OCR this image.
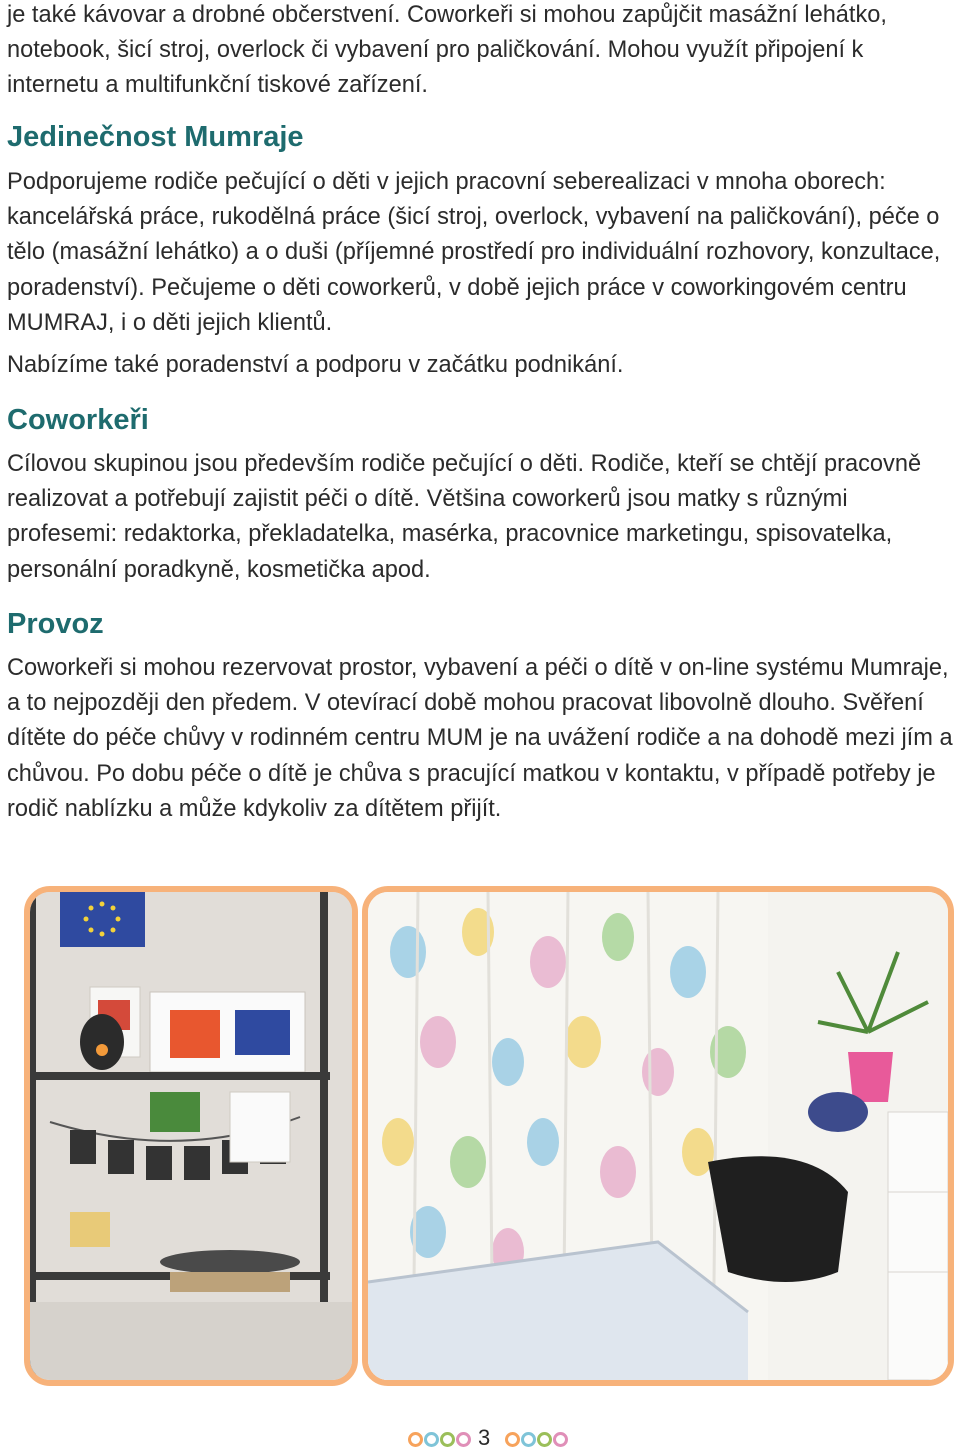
je také kávovar a drobné občerstvení. Coworkeři si mohou zapůjčit masážní lehátko, notebook, šicí stroj, overlock či vybavení pro paličkování. Mohou využít připojení k internetu a multifunkční tiskové zařízení.

Jedinečnost Mumraje

Podporujeme rodiče pečující o děti v jejich pracovní seberealizaci v mnoha oborech: kancelářská práce, rukodělná práce (šicí stroj, overlock, vybavení na paličkování), péče o tělo (masážní lehátko) a o duši (příjemné prostředí pro individuální rozhovory, konzultace, poradenství). Pečujeme o děti coworkerů, v době jejich práce v coworkingovém centru MUMRAJ, i o děti jejich klientů.

Nabízíme také poradenství a podporu v začátku podnikání.

Coworkeři

Cílovou skupinou jsou především rodiče pečující o děti. Rodiče, kteří se chtějí pracovně realizovat a potřebují zajistit péči o dítě. Většina coworkerů jsou matky s různými profesemi: redaktorka, překladatelka, masérka, pracovnice marketingu, spisovatelka, personální poradkyně, kosmetička apod.

Provoz

Coworkeři si mohou rezervovat prostor, vybavení a péči o dítě v on-line systému Mumraje, a to nejpozději den předem. V otevírací době mohou pracovat libovolně dlouho. Svěření dítěte do péče chůvy v rodinném centru MUM je na uvážení rodiče a na dohodě mezi jím a chůvou. Po dobu péče o dítě je chůva s pracující matkou v kontaktu, v případě potřeby je rodič nablízku a může kdykoliv za dítětem přijít.

3
